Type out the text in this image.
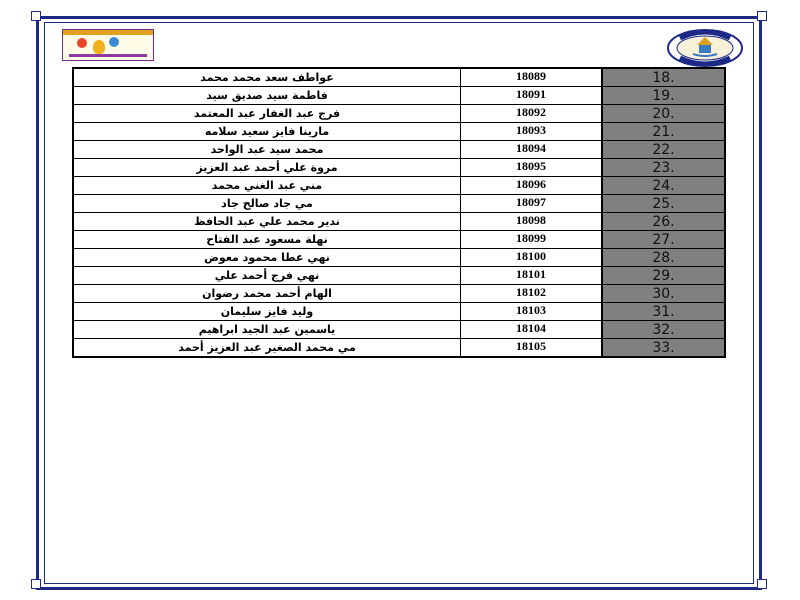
عواطف سعد محمد محمد	18089	18.
فاطمة سيد صديق سيد	18091	19.
فرج عبد الغفار عبد المعتمد	18092	20.
مارينا فايز سعيد سلامه	18093	21.
محمد سيد عبد الواحد	18094	22.
مروة علي أحمد عبد العزيز	18095	23.
مني عبد الغني محمد	18096	24.
مي جاد صالح جاد	18097	25.
ندير محمد علي عبد الحافظ	18098	26.
نهلة مسعود عبد الفتاح	18099	27.
نهي عطا محمود معوض	18100	28.
نهي فرج أحمد علي	18101	29.
الهام أحمد محمد رضوان	18102	30.
وليد فايز سليمان	18103	31.
ياسمين عبد الجيد ابراهيم	18104	32.
مي محمد الصغير عبد العزيز أحمد	18105	33.
